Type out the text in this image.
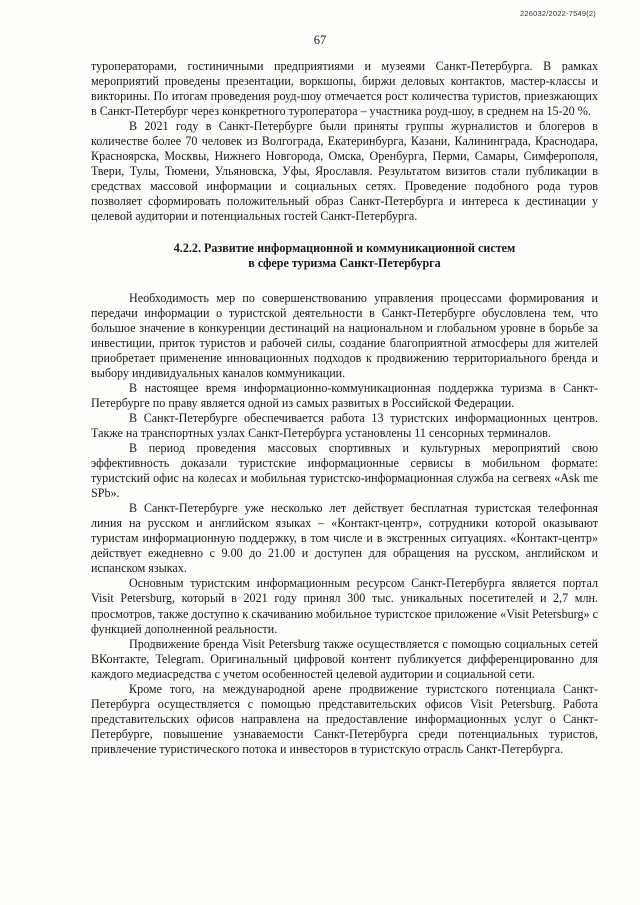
226032/2022-7549(2)
67

туроператорами, гостиничными предприятиями и музеями Санкт-Петербурга. В рамках мероприятий проведены презентации, воркшопы, биржи деловых контактов, мастер-классы и викторины. По итогам проведения роуд-шоу отмечается рост количества туристов, приезжающих в Санкт-Петербург через конкретного туроператора – участника роуд-шоу, в среднем на 15-20 %.

В 2021 году в Санкт-Петербурге были приняты группы журналистов и блогеров в количестве более 70 человек из Волгограда, Екатеринбурга, Казани, Калининграда, Краснодара, Красноярска, Москвы, Нижнего Новгорода, Омска, Оренбурга, Перми, Самары, Симферополя, Твери, Тулы, Тюмени, Ульяновска, Уфы, Ярославля. Результатом визитов стали публикации в средствах массовой информации и социальных сетях. Проведение подобного рода туров позволяет сформировать положительный образ Санкт-Петербурга и интереса к дестинации у целевой аудитории и потенциальных гостей Санкт-Петербурга.

4.2.2. Развитие информационной и коммуникационной систем
в сфере туризма Санкт-Петербурга

Необходимость мер по совершенствованию управления процессами формирования и передачи информации о туристской деятельности в Санкт-Петербурге обусловлена тем, что большое значение в конкуренции дестинаций на национальном и глобальном уровне в борьбе за инвестиции, приток туристов и рабочей силы, создание благоприятной атмосферы для жителей приобретает применение инновационных подходов к продвижению территориального бренда и выбору индивидуальных каналов коммуникации.

В настоящее время информационно-коммуникационная поддержка туризма в Санкт-Петербурге по праву является одной из самых развитых в Российской Федерации.

В Санкт-Петербурге обеспечивается работа 13 туристских информационных центров. Также на транспортных узлах Санкт-Петербурга установлены 11 сенсорных терминалов.

В период проведения массовых спортивных и культурных мероприятий свою эффективность доказали туристские информационные сервисы в мобильном формате: туристский офис на колесах и мобильная туристско-информационная служба на сегвеях «Ask me SPb».

В Санкт-Петербурге уже несколько лет действует бесплатная туристская телефонная линия на русском и английском языках – «Контакт-центр», сотрудники которой оказывают туристам информационную поддержку, в том числе и в экстренных ситуациях. «Контакт-центр» действует ежедневно с 9.00 до 21.00 и доступен для обращения на русском, английском и испанском языках.

Основным туристским информационным ресурсом Санкт-Петербурга является портал Visit Petersburg, который в 2021 году принял 300 тыс. уникальных посетителей и 2,7 млн. просмотров, также доступно к скачиванию мобильное туристское приложение «Visit Petersburg» с функцией дополненной реальности.

Продвижение бренда Visit Petersburg также осуществляется с помощью социальных сетей ВКонтакте, Telegram. Оригинальный цифровой контент публикуется дифференцированно для каждого медиасредства с учетом особенностей целевой аудитории и социальной сети.

Кроме того, на международной арене продвижение туристского потенциала Санкт-Петербурга осуществляется с помощью представительских офисов Visit Petersburg. Работа представительских офисов направлена на предоставление информационных услуг о Санкт-Петербурге, повышение узнаваемости Санкт-Петербурга среди потенциальных туристов, привлечение туристического потока и инвесторов в туристскую отрасль Санкт-Петербурга.
